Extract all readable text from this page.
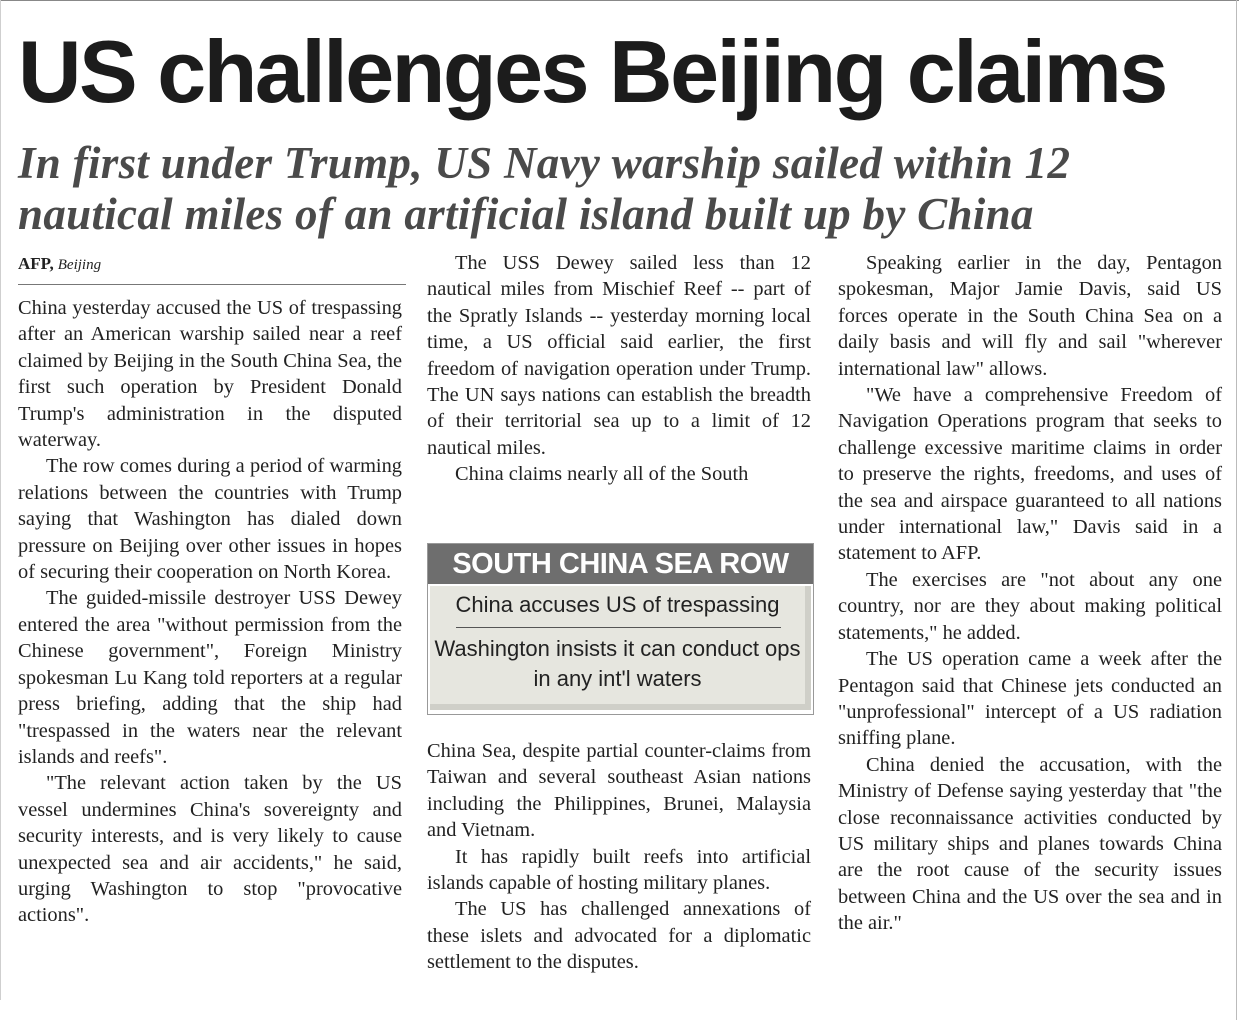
US challenges Beijing claims
In first under Trump, US Navy warship sailed within 12
nautical miles of an artificial island built up by China
AFP, Beijing

China yesterday accused the US of trespassing after an American warship sailed near a reef claimed by Beijing in the South China Sea, the first such operation by President Donald Trump's administration in the disputed waterway.

The row comes during a period of warming relations between the countries with Trump saying that Washington has dialed down pressure on Beijing over other issues in hopes of securing their cooperation on North Korea.

The guided-missile destroyer USS Dewey entered the area "without permission from the Chinese government", Foreign Ministry spokesman Lu Kang told reporters at a regular press briefing, adding that the ship had "trespassed in the waters near the relevant islands and reefs".

"The relevant action taken by the US vessel undermines China's sovereignty and security interests, and is very likely to cause unexpected sea and air accidents," he said, urging Washington to stop "provocative actions".

The USS Dewey sailed less than 12 nautical miles from Mischief Reef -- part of the Spratly Islands -- yesterday morning local time, a US official said earlier, the first freedom of navigation operation under Trump. The UN says nations can establish the breadth of their territorial sea up to a limit of 12 nautical miles.

China claims nearly all of the South

SOUTH CHINA SEA ROW
China accuses US of trespassing
Washington insists it can conduct ops in any int'l waters

China Sea, despite partial counter-claims from Taiwan and several southeast Asian nations including the Philippines, Brunei, Malaysia and Vietnam.

It has rapidly built reefs into artificial islands capable of hosting military planes.

The US has challenged annexations of these islets and advocated for a diplomatic settlement to the disputes.

Speaking earlier in the day, Pentagon spokesman, Major Jamie Davis, said US forces operate in the South China Sea on a daily basis and will fly and sail "wherever international law" allows.

"We have a comprehensive Freedom of Navigation Operations program that seeks to challenge excessive maritime claims in order to preserve the rights, freedoms, and uses of the sea and airspace guaranteed to all nations under international law," Davis said in a statement to AFP.

The exercises are "not about any one country, nor are they about making political statements," he added.

The US operation came a week after the Pentagon said that Chinese jets conducted an "unprofessional" intercept of a US radiation sniffing plane.

China denied the accusation, with the Ministry of Defense saying yesterday that "the close reconnaissance activities conducted by US military ships and planes towards China are the root cause of the security issues between China and the US over the sea and in the air."
